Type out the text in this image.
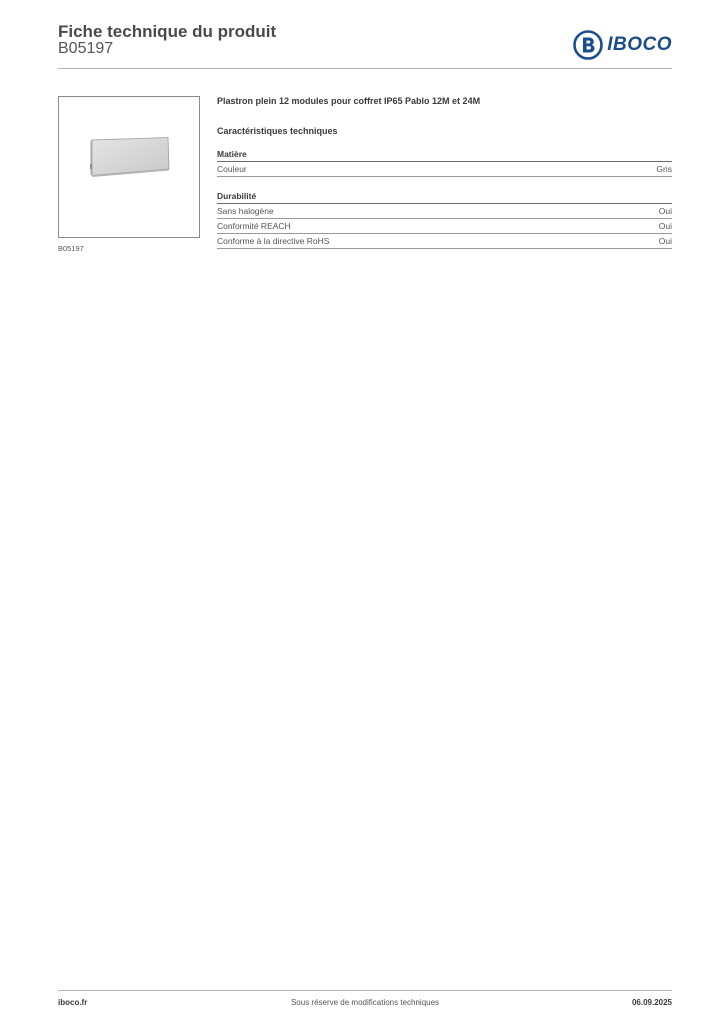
Fiche technique du produit
B05197	IBOCO
B05197
Plastron plein 12 modules pour coffret IP65 Pablo 12M et 24M
Caractéristiques techniques
Matière
Couleur	Gris
Durabilité
Sans halogène	Oui
Conformité REACH	Oui
Conforme à la directive RoHS	Oui
iboco.fr	Sous réserve de modifications techniques	06.09.2025
